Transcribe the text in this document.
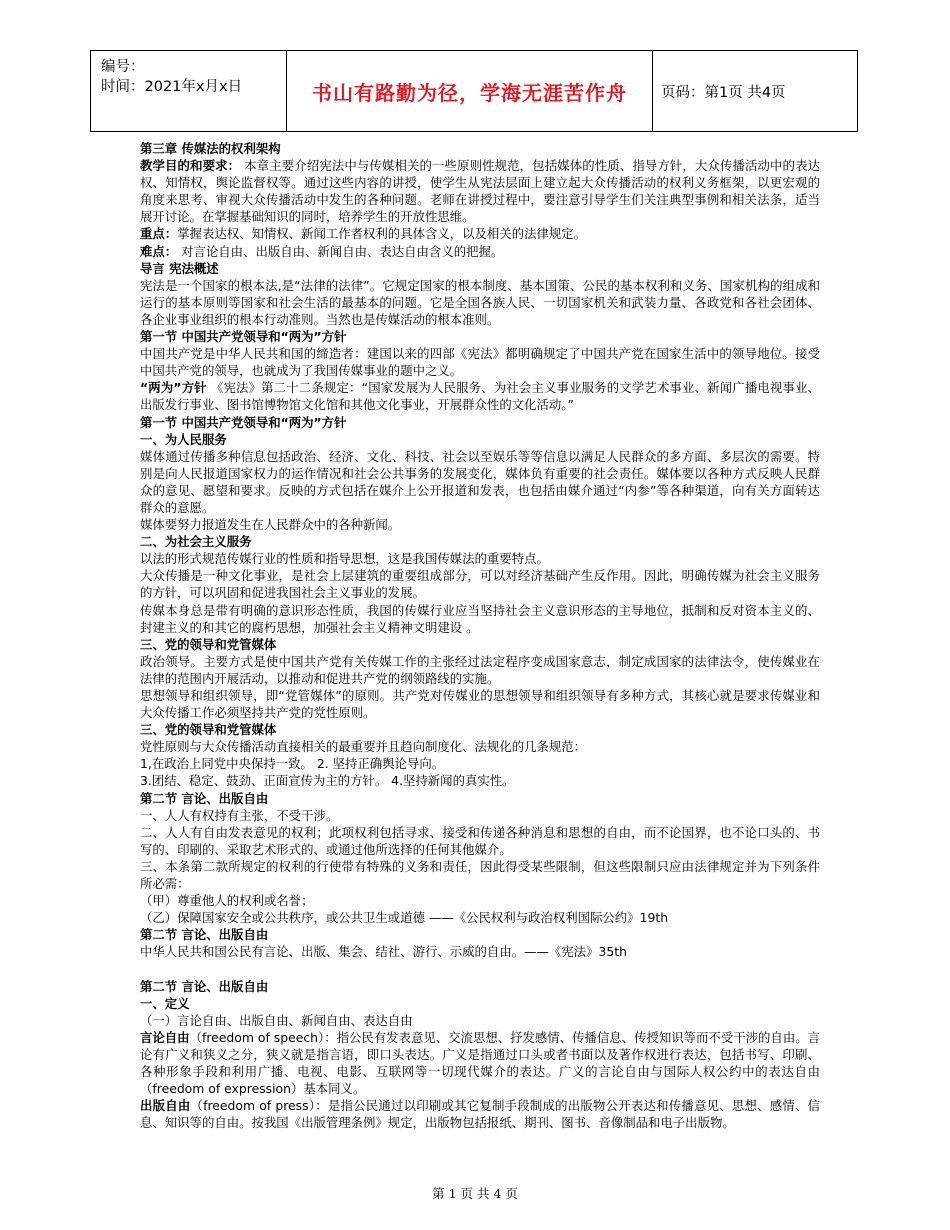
编号：
时间：2021年x月x日	书山有路勤为径，学海无涯苦作舟	页码：第1页 共4页

第三章 传媒法的权利架构

教学目的和要求： 本章主要介绍宪法中与传媒相关的一些原则性规范，包括媒体的性质、指导方针，大众传播活动中的表达权、知情权，舆论监督权等。通过这些内容的讲授，使学生从宪法层面上建立起大众传播活动的权利义务框架，以更宏观的角度来思考、审视大众传播活动中发生的各种问题。老师在讲授过程中，要注意引导学生们关注典型事例和相关法条，适当展开讨论。在掌握基础知识的同时，培养学生的开放性思维。

重点：掌握表达权、知情权、新闻工作者权利的具体含义，以及相关的法律规定。

难点： 对言论自由、出版自由、新闻自由、表达自由含义的把握。

导言 宪法概述

宪法是一个国家的根本法,是“法律的法律”。它规定国家的根本制度、基本国策、公民的基本权利和义务、国家机构的组成和运行的基本原则等国家和社会生活的最基本的问题。它是全国各族人民、一切国家机关和武装力量、各政党和各社会团体、各企业事业组织的根本行动准则。当然也是传媒活动的根本准则。

第一节 中国共产党领导和“两为”方针

中国共产党是中华人民共和国的缔造者：建国以来的四部《宪法》都明确规定了中国共产党在国家生活中的领导地位。接受中国共产党的领导，也就成为了我国传媒事业的题中之义。

“两为”方针 《宪法》第二十二条规定：“国家发展为人民服务、为社会主义事业服务的文学艺术事业、新闻广播电视事业、出版发行事业、图书馆博物馆文化馆和其他文化事业，开展群众性的文化活动。”

第一节 中国共产党领导和“两为”方针

一、为人民服务

媒体通过传播多种信息包括政治、经济、文化、科技、社会以至娱乐等等信息以满足人民群众的多方面、多层次的需要。特别是向人民报道国家权力的运作情况和社会公共事务的发展变化，媒体负有重要的社会责任。媒体要以各种方式反映人民群众的意见、愿望和要求。反映的方式包括在媒介上公开报道和发表，也包括由媒介通过“内参”等各种渠道，向有关方面转达群众的意愿。

媒体要努力报道发生在人民群众中的各种新闻。

二、为社会主义服务

以法的形式规范传媒行业的性质和指导思想，这是我国传媒法的重要特点。

大众传播是一种文化事业，是社会上层建筑的重要组成部分，可以对经济基础产生反作用。因此，明确传媒为社会主义服务的方针，可以巩固和促进我国社会主义事业的发展。

传媒本身总是带有明确的意识形态性质，我国的传媒行业应当坚持社会主义意识形态的主导地位，抵制和反对资本主义的、封建主义的和其它的腐朽思想，加强社会主义精神文明建设 。

三、党的领导和党管媒体

政治领导。主要方式是使中国共产党有关传媒工作的主张经过法定程序变成国家意志，制定成国家的法律法令，使传媒业在法律的范围内开展活动，以推动和促进共产党的纲领路线的实施。

思想领导和组织领导，即“党管媒体”的原则。共产党对传媒业的思想领导和组织领导有多种方式，其核心就是要求传媒业和大众传播工作必须坚持共产党的党性原则。

三、党的领导和党管媒体

党性原则与大众传播活动直接相关的最重要并且趋向制度化、法规化的几条规范：

1,在政治上同党中央保持一致。 2. 坚持正确舆论导向。

3.团结、稳定、鼓劲、正面宣传为主的方针。 4.坚持新闻的真实性。

第二节 言论、出版自由

一、人人有权持有主张，不受干涉。

二、人人有自由发表意见的权利；此项权利包括寻求、接受和传递各种消息和思想的自由，而不论国界，也不论口头的、书写的、印刷的、采取艺术形式的、或通过他所选择的任何其他媒介。

三、本条第二款所规定的权利的行使带有特殊的义务和责任，因此得受某些限制，但这些限制只应由法律规定并为下列条件所必需：

（甲）尊重他人的权利或名誉；

（乙）保障国家安全或公共秩序，或公共卫生或道德 ——《公民权利与政治权利国际公约》19th

第二节 言论、出版自由

中华人民共和国公民有言论、出版、集会、结社、游行、示威的自由。——《宪法》35th

第二节 言论、出版自由

一、定义

（一）言论自由、出版自由、新闻自由、表达自由

言论自由（freedom of speech）：指公民有发表意见、交流思想、抒发感情、传播信息、传授知识等而不受干涉的自由。言论有广义和狭义之分，狭义就是指言语，即口头表达。广义是指通过口头或者书面以及著作权进行表达，包括书写、印刷、各种形象手段和利用广播、电视、电影、互联网等一切现代媒介的表达。广义的言论自由与国际人权公约中的表达自由（freedom of expression）基本同义。

出版自由（freedom of press）：是指公民通过以印刷或其它复制手段制成的出版物公开表达和传播意见、思想、感情、信息、知识等的自由。按我国《出版管理条例》规定，出版物包括报纸、期刊、图书、音像制品和电子出版物。

第 1 页 共 4 页
